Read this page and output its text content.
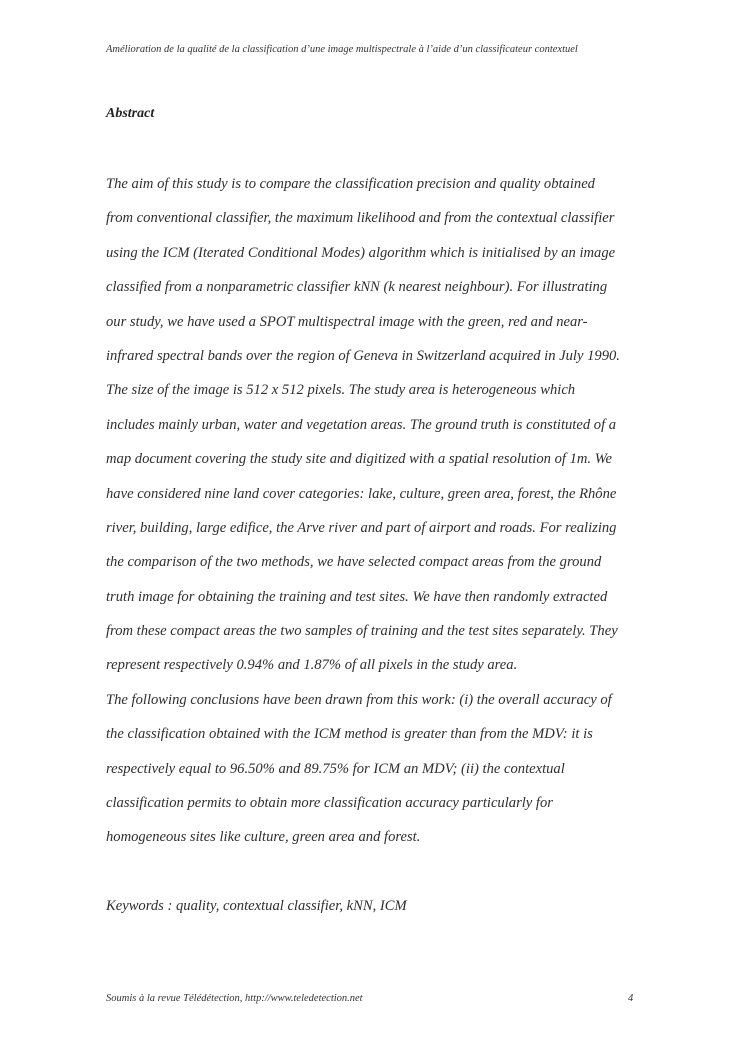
Amélioration de la qualité de la classification d’une image multispectrale à l’aide d’un classificateur contextuel
Abstract
The aim of this study is to compare the classification precision and quality obtained
from conventional classifier, the maximum likelihood and from the contextual classifier
using the ICM (Iterated Conditional Modes) algorithm which is initialised by an image
classified from a nonparametric classifier kNN (k nearest neighbour). For illustrating
our study, we have used a SPOT multispectral image with the green, red and near-
infrared spectral bands over the region of Geneva in Switzerland acquired in July 1990.
The size of the image is 512 x 512 pixels. The study area is heterogeneous which
includes mainly urban, water and vegetation areas. The ground truth is constituted of a
map document covering the study site and digitized with a spatial resolution of 1m. We
have considered nine land cover categories: lake, culture, green area, forest, the Rhône
river, building, large edifice, the Arve river and part of airport and roads. For realizing
the comparison of the two methods, we have selected compact areas from the ground
truth image for obtaining the training and test sites. We have then randomly extracted
from these compact areas the two samples of training and the test sites separately. They
represent respectively 0.94% and 1.87% of all pixels in the study area.
The following conclusions have been drawn from this work: (i) the overall accuracy of
the classification obtained with the ICM method is greater than from the MDV: it is
respectively equal to 96.50% and 89.75% for ICM an MDV; (ii) the contextual
classification permits to obtain more classification accuracy particularly for
homogeneous sites like culture, green area and forest.
Keywords : quality, contextual classifier, kNN, ICM
Soumis à la revue Télédétection, http://www.teledetection.net	4
